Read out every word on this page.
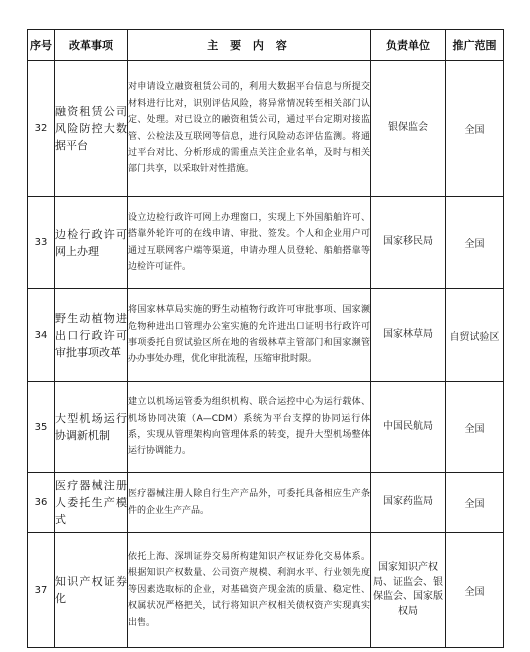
序号	改革事项	主 要 内 容	负责单位	推广范围
32	融资租赁公司风险防控大数据平台	对申请设立融资租赁公司的，利用大数据平台信息与所提交材料进行比对，识别评估风险，将异常情况转至相关部门认定、处理。对已设立的融资租赁公司，通过平台定期对接监管、公检法及互联网等信息，进行风险动态评估监测。将通过平台对比、分析形成的需重点关注企业名单，及时与相关部门共享，以采取针对性措施。	银保监会	全国
33	边检行政许可网上办理	设立边检行政许可网上办理窗口，实现上下外国船舶许可、搭靠外轮许可的在线申请、审批、签发。个人和企业用户可通过互联网客户端等渠道，申请办理人员登轮、船舶搭靠等边检许可证件。	国家移民局	全国
34	野生动植物进出口行政许可审批事项改革	将国家林草局实施的野生动植物行政许可审批事项、国家濒危物种进出口管理办公室实施的允许进出口证明书行政许可事项委托自贸试验区所在地的省级林草主管部门和国家濒管办办事处办理，优化审批流程，压缩审批时限。	国家林草局	自贸试验区
35	大型机场运行协调新机制	建立以机场运管委为组织机构、联合运控中心为运行载体、机场协同决策（A—CDM）系统为平台支撑的协同运行体系，实现从管理架构向管理体系的转变，提升大型机场整体运行协调能力。	中国民航局	全国
36	医疗器械注册人委托生产模式	医疗器械注册人除自行生产产品外，可委托具备相应生产条件的企业生产产品。	国家药监局	全国
37	知识产权证券化	依托上海、深圳证券交易所构建知识产权证券化交易体系。根据知识产权数量、公司资产规模、利润水平、行业领先度等因素选取标的企业，对基础资产现金流的质量、稳定性、权属状况严格把关，试行将知识产权相关债权资产实现真实出售。	国家知识产权局、证监会、银保监会、国家版权局	全国
